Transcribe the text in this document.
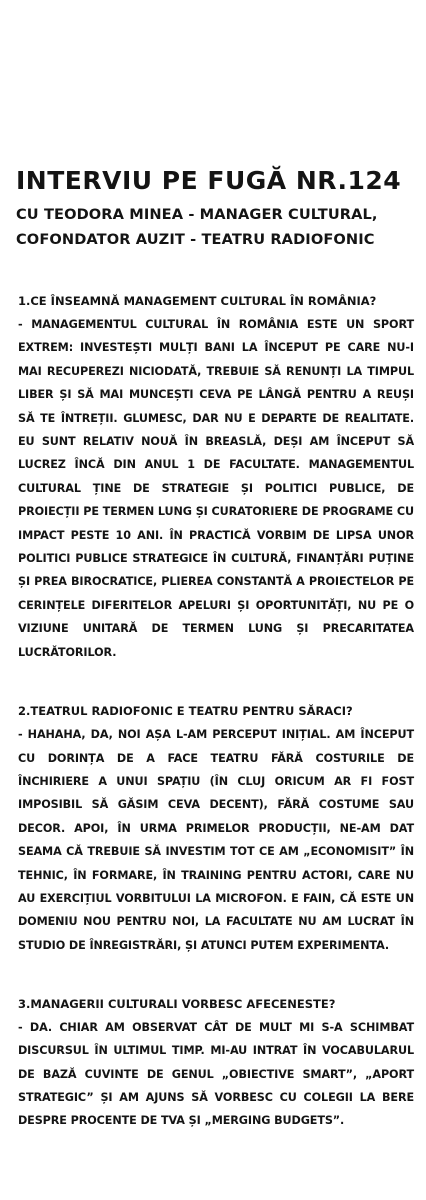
INTERVIU PE FUGĂ NR.124

CU TEODORA MINEA - MANAGER CULTURAL, COFONDATOR AUZIT - TEATRU RADIOFONIC

1.CE ÎNSEAMNĂ MANAGEMENT CULTURAL ÎN ROMÂNIA?

- MANAGEMENTUL CULTURAL ÎN ROMÂNIA ESTE UN SPORT EXTREM: INVESTEȘTI MULȚI BANI LA ÎNCEPUT PE CARE NU-I MAI RECUPEREZI NICIODATĂ, TREBUIE SĂ RENUNȚI LA TIMPUL LIBER ȘI SĂ MAI MUNCEȘTI CEVA PE LÂNGĂ PENTRU A REUȘI SĂ TE ÎNTREȚII. GLUMESC, DAR NU E DEPARTE DE REALITATE. EU SUNT RELATIV NOUĂ ÎN BREASLĂ, DEȘI AM ÎNCEPUT SĂ LUCREZ ÎNCĂ DIN ANUL 1 DE FACULTATE. MANAGEMENTUL CULTURAL ȚINE DE STRATEGIE ȘI POLITICI PUBLICE, DE PROIECȚII PE TERMEN LUNG ȘI CURATORIERE DE PROGRAME CU IMPACT PESTE 10 ANI. ÎN PRACTICĂ VORBIM DE LIPSA UNOR POLITICI PUBLICE STRATEGICE ÎN CULTURĂ, FINANȚĂRI PUȚINE ȘI PREA BIROCRATICE, PLIEREA CONSTANTĂ A PROIECTELOR PE CERINȚELE DIFERITELOR APELURI ȘI OPORTUNITĂȚI, NU PE O VIZIUNE UNITARĂ DE TERMEN LUNG ȘI PRECARITATEA LUCRĂTORILOR.

2.TEATRUL RADIOFONIC E TEATRU PENTRU SĂRACI?

- HAHAHA, DA, NOI AȘA L-AM PERCEPUT INIȚIAL. AM ÎNCEPUT CU DORINȚA DE A FACE TEATRU FĂRĂ COSTURILE DE ÎNCHIRIERE A UNUI SPAȚIU (ÎN CLUJ ORICUM AR FI FOST IMPOSIBIL SĂ GĂSIM CEVA DECENT), FĂRĂ COSTUME SAU DECOR. APOI, ÎN URMA PRIMELOR PRODUCȚII, NE-AM DAT SEAMA CĂ TREBUIE SĂ INVESTIM TOT CE AM „ECONOMISIT” ÎN TEHNIC, ÎN FORMARE, ÎN TRAINING PENTRU ACTORI, CARE NU AU EXERCIȚIUL VORBITULUI LA MICROFON. E FAIN, CĂ ESTE UN DOMENIU NOU PENTRU NOI, LA FACULTATE NU AM LUCRAT ÎN STUDIO DE ÎNREGISTRĂRI, ȘI ATUNCI PUTEM EXPERIMENTA.

3.MANAGERII CULTURALI VORBESC AFECENESTE?

- DA. CHIAR AM OBSERVAT CÂT DE MULT MI S-A SCHIMBAT DISCURSUL ÎN ULTIMUL TIMP. MI-AU INTRAT ÎN VOCABULARUL DE BAZĂ CUVINTE DE GENUL „OBIECTIVE SMART”, „APORT STRATEGIC” ȘI AM AJUNS SĂ VORBESC CU COLEGII LA BERE DESPRE PROCENTE DE TVA ȘI „MERGING BUDGETS”.
